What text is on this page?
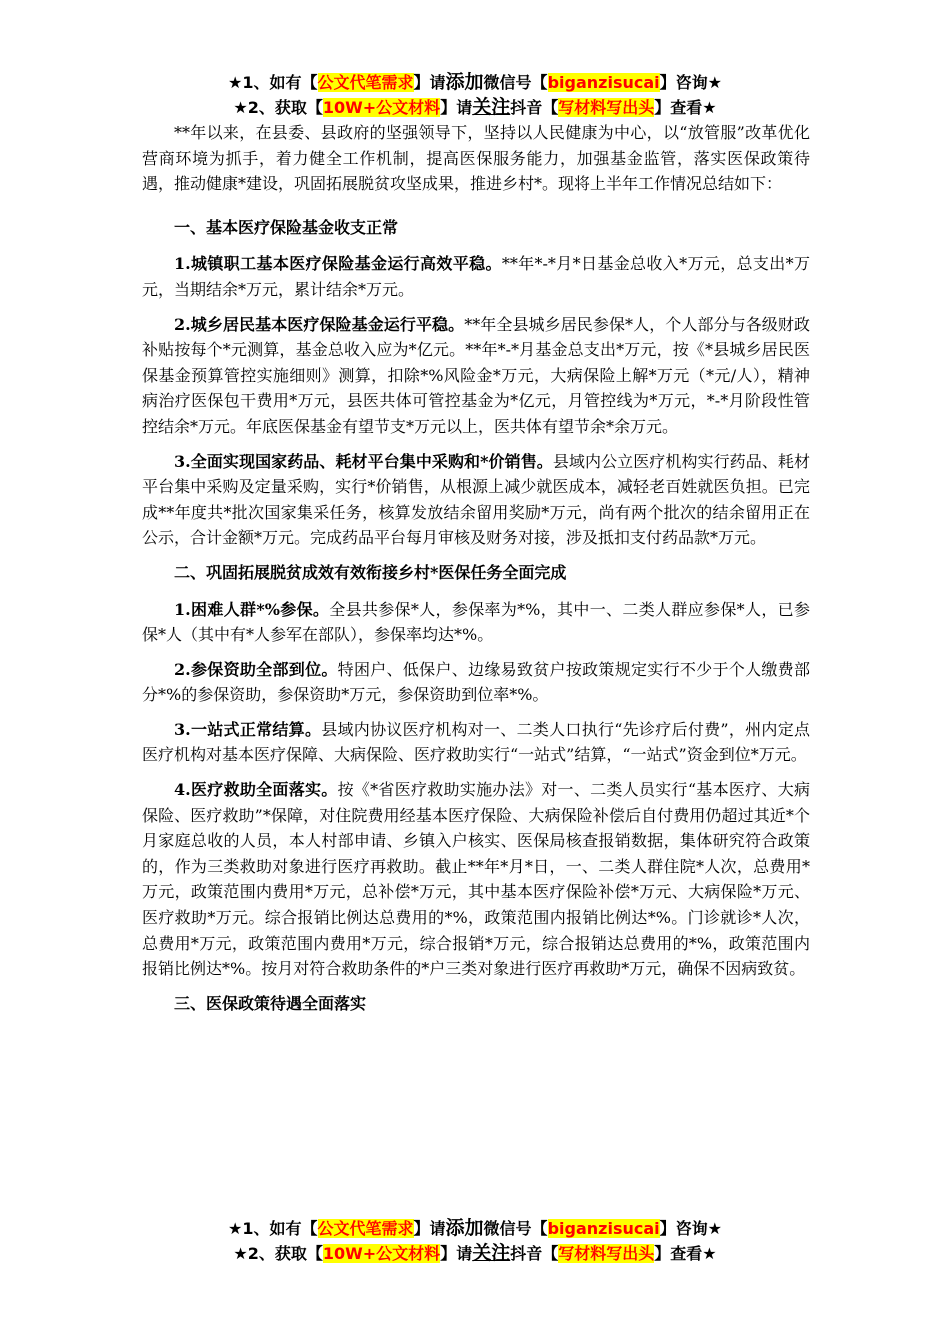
★1、如有【公文代笔需求】请添加微信号【biganzisucai】咨询★
★2、获取【10W+公文材料】请关注抖音【写材料写出头】查看★

**年以来，在县委、县政府的坚强领导下，坚持以人民健康为中心，以“放管服”改革优化营商环境为抓手，着力健全工作机制，提高医保服务能力，加强基金监管，落实医保政策待遇，推动健康*建设，巩固拓展脱贫攻坚成果，推进乡村*。现将上半年工作情况总结如下：

一、基本医疗保险基金收支正常

1.城镇职工基本医疗保险基金运行高效平稳。**年*-*月*日基金总收入*万元，总支出*万元，当期结余*万元，累计结余*万元。

2.城乡居民基本医疗保险基金运行平稳。**年全县城乡居民参保*人，个人部分与各级财政补贴按每个*元测算，基金总收入应为*亿元。**年*-*月基金总支出*万元，按《*县城乡居民医保基金预算管控实施细则》测算，扣除*%风险金*万元，大病保险上解*万元（*元/人），精神病治疗医保包干费用*万元，县医共体可管控基金为*亿元，月管控线为*万元，*-*月阶段性管控结余*万元。年底医保基金有望节支*万元以上，医共体有望节余*余万元。

3.全面实现国家药品、耗材平台集中采购和*价销售。县域内公立医疗机构实行药品、耗材平台集中采购及定量采购，实行*价销售，从根源上减少就医成本，减轻老百姓就医负担。已完成**年度共*批次国家集采任务，核算发放结余留用奖励*万元，尚有两个批次的结余留用正在公示，合计金额*万元。完成药品平台每月审核及财务对接，涉及抵扣支付药品款*万元。

二、巩固拓展脱贫成效有效衔接乡村*医保任务全面完成

1.困难人群*%参保。全县共参保*人，参保率为*%，其中一、二类人群应参保*人，已参保*人（其中有*人参军在部队），参保率均达*%。

2.参保资助全部到位。特困户、低保户、边缘易致贫户按政策规定实行不少于个人缴费部分*%的参保资助，参保资助*万元，参保资助到位率*%。

3.一站式正常结算。县域内协议医疗机构对一、二类人口执行“先诊疗后付费”，州内定点医疗机构对基本医疗保障、大病保险、医疗救助实行“一站式”结算，“一站式”资金到位*万元。

4.医疗救助全面落实。按《*省医疗救助实施办法》对一、二类人员实行“基本医疗、大病保险、医疗救助”*保障，对住院费用经基本医疗保险、大病保险补偿后自付费用仍超过其近*个月家庭总收的人员，本人村部申请、乡镇入户核实、医保局核查报销数据，集体研究符合政策的，作为三类救助对象进行医疗再救助。截止**年*月*日，一、二类人群住院*人次，总费用*万元，政策范围内费用*万元，总补偿*万元，其中基本医疗保险补偿*万元、大病保险*万元、医疗救助*万元。综合报销比例达总费用的*%，政策范围内报销比例达*%。门诊就诊*人次，总费用*万元，政策范围内费用*万元，综合报销*万元，综合报销达总费用的*%，政策范围内报销比例达*%。按月对符合救助条件的*户三类对象进行医疗再救助*万元，确保不因病致贫。

三、医保政策待遇全面落实

★1、如有【公文代笔需求】请添加微信号【biganzisucai】咨询★
★2、获取【10W+公文材料】请关注抖音【写材料写出头】查看★
